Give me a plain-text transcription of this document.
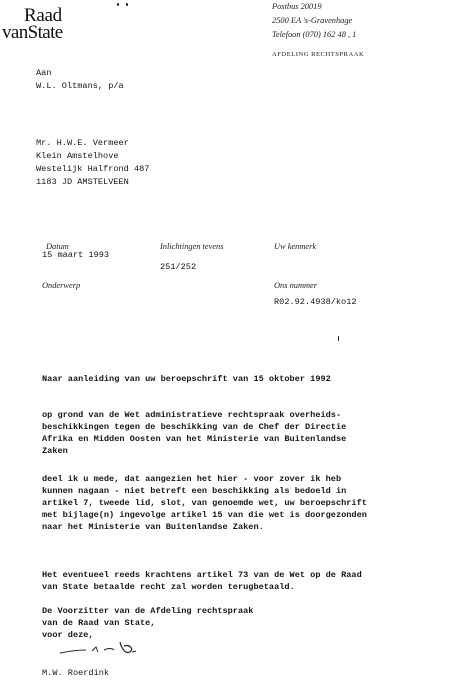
Raad
vanState
Postbus 20019
2500 EA 's-Gravenhage
Telefoon (070) 162 48 , 1
AFDELING RECHTSPRAAK
Aan
W.L. Oltmans, p/a
Mr. H.W.E. Vermeer
Klein Amstelhove
Westelijk Halfrond 487
1183 JD AMSTELVEEN
Datum
15 maart 1993
Inlichtingen tevens
251/252
Uw kenmerk
Onderwerp	Ons nummer
R02.92.4938/ko12
Naar aanleiding van uw beroepschrift van 15 oktober 1992
op grond van de Wet administratieve rechtspraak overheids-
beschikkingen tegen de beschikking van de Chef der Directie
Afrika en Midden Oosten van het Ministerie van Buitenlandse
Zaken
deel ik u mede, dat aangezien het hier - voor zover ik heb
kunnen nagaan - niet betreft een beschikking als bedoeld in
artikel 7, tweede lid, slot, van genoemde wet, uw beroepschrift
met bijlage(n) ingevolge artikel 15 van die wet is doorgezonden
naar het Ministerie van Buitenlandse Zaken.
Het eventueel reeds krachtens artikel 73 van de Wet op de Raad
van State betaalde recht zal worden terugbetaald.
De Voorzitter van de Afdeling rechtspraak
van de Raad van State,
voor deze,
M.W. Roerdink
